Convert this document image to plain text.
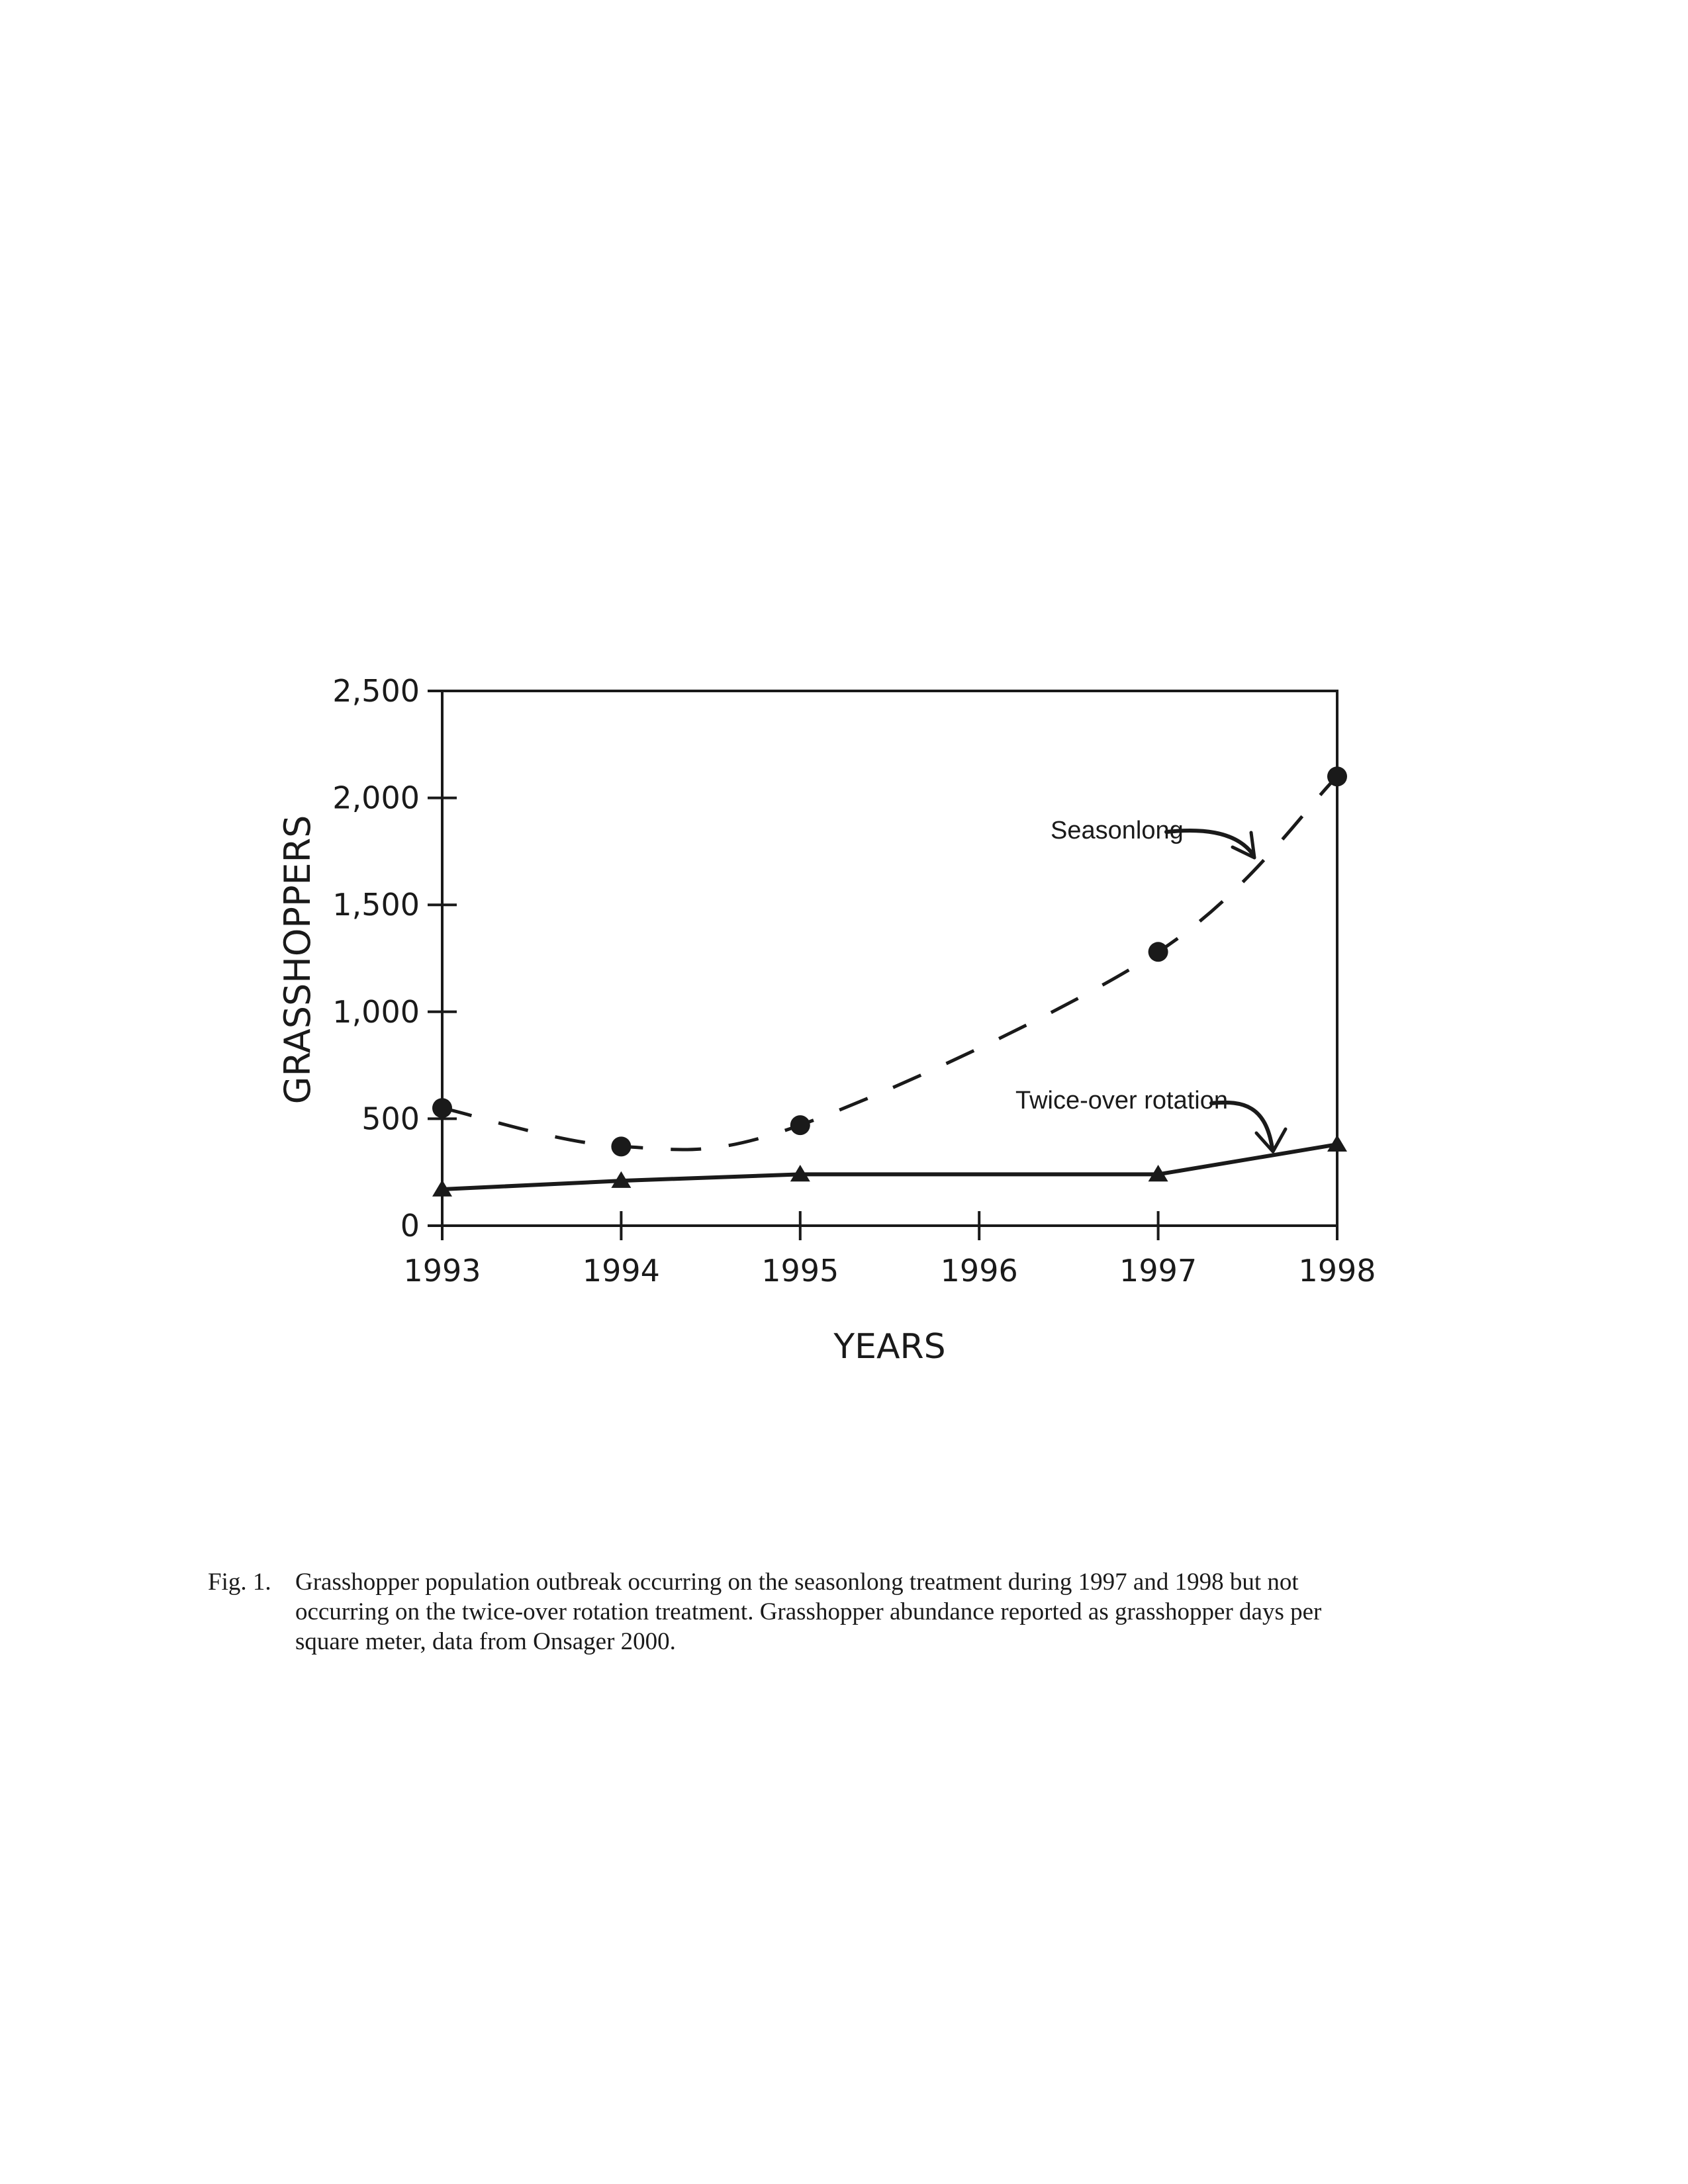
0
500
1,000
1,500
2,000
2,500
1993	1994	1995	1996	1997	1998
GRASSHOPPERS
YEARS
Seasonlong
Twice-over rotation
Fig. 1. Grasshopper population outbreak occurring on the seasonlong treatment during 1997 and 1998 but not
occurring on the twice-over rotation treatment. Grasshopper abundance reported as grasshopper days per
square meter, data from Onsager 2000.
